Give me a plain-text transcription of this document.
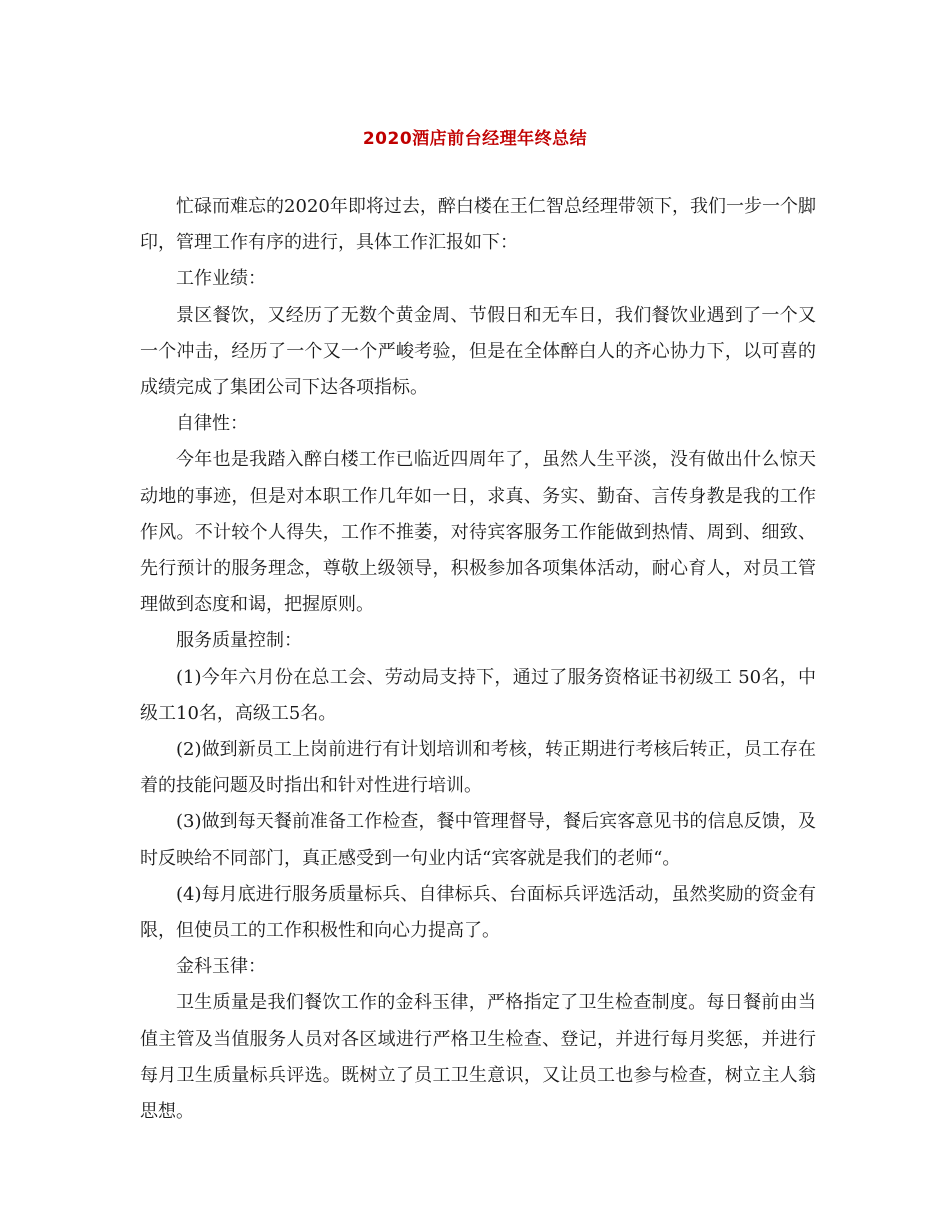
2020酒店前台经理年终总结

忙碌而难忘的2020年即将过去，醉白楼在王仁智总经理带领下，我们一步一个脚印，管理工作有序的进行，具体工作汇报如下：

工作业绩：

景区餐饮，又经历了无数个黄金周、节假日和无车日，我们餐饮业遇到了一个又一个冲击，经历了一个又一个严峻考验，但是在全体醉白人的齐心协力下，以可喜的成绩完成了集团公司下达各项指标。

自律性：

今年也是我踏入醉白楼工作已临近四周年了，虽然人生平淡，没有做出什么惊天动地的事迹，但是对本职工作几年如一日，求真、务实、勤奋、言传身教是我的工作作风。不计较个人得失，工作不推萎，对待宾客服务工作能做到热情、周到、细致、先行预计的服务理念，尊敬上级领导，积极参加各项集体活动，耐心育人，对员工管理做到态度和谒，把握原则。

服务质量控制：

(1)今年六月份在总工会、劳动局支持下，通过了服务资格证书初级工 50名，中级工10名，高级工5名。

(2)做到新员工上岗前进行有计划培训和考核，转正期进行考核后转正，员工存在着的技能问题及时指出和针对性进行培训。

(3)做到每天餐前准备工作检查，餐中管理督导，餐后宾客意见书的信息反馈，及时反映给不同部门，真正感受到一句业内话“宾客就是我们的老师“。

(4)每月底进行服务质量标兵、自律标兵、台面标兵评选活动，虽然奖励的资金有限，但使员工的工作积极性和向心力提高了。

金科玉律：

卫生质量是我们餐饮工作的金科玉律，严格指定了卫生检查制度。每日餐前由当值主管及当值服务人员对各区域进行严格卫生检查、登记，并进行每月奖惩，并进行每月卫生质量标兵评选。既树立了员工卫生意识，又让员工也参与检查，树立主人翁思想。
